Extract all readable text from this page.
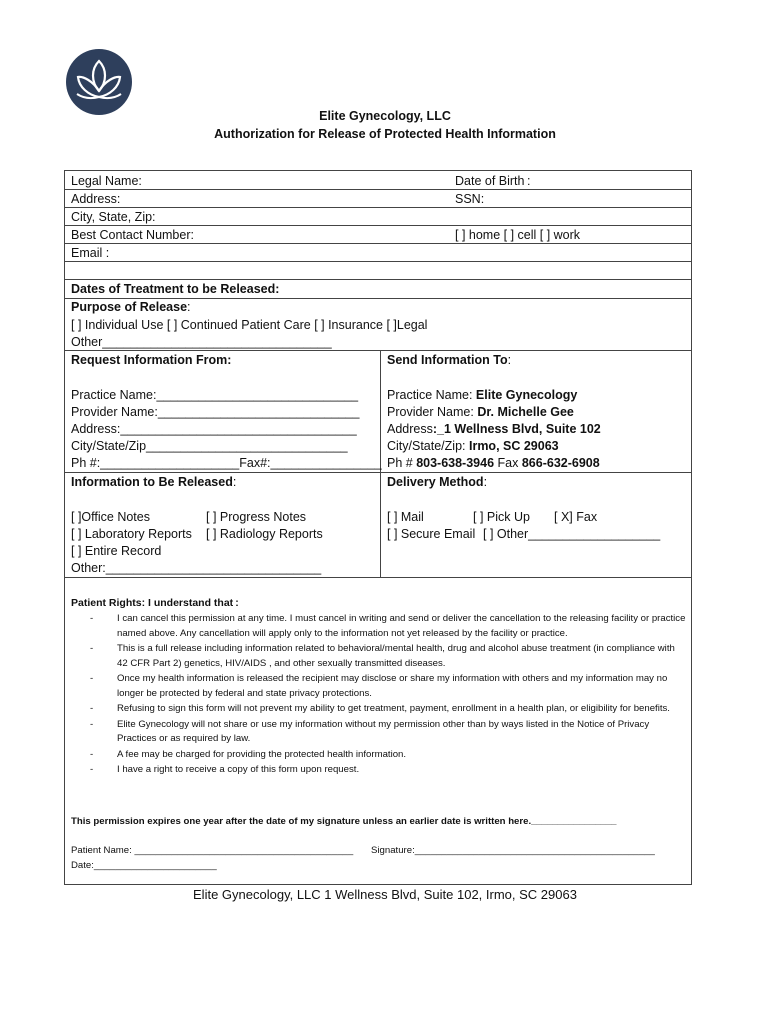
Elite Gynecology, LLC
Authorization for Release of Protected Health Information
Legal Name:	Date of Birth :
Address:	SSN:
City, State, Zip:
Best Contact Number:	[ ] home [ ] cell [ ] work
Email :
Dates of Treatment to be Released:
Purpose of Release:
[ ] Individual Use [ ] Continued Patient Care [ ] Insurance [ ]Legal
Other_________________________________
Request Information From:
Practice Name:_____________________________
Provider Name:_____________________________
Address:__________________________________
City/State/Zip_____________________________
Ph #:____________________Fax#:________________
Send Information To:
Practice Name: Elite Gynecology
Provider Name: Dr. Michelle Gee
Address:_1 Wellness Blvd, Suite 102
City/State/Zip: Irmo, SC 29063
Ph # 803-638-3946 Fax 866-632-6908
Information to Be Released:
[ ]Office Notes	[ ] Progress Notes
[ ] Laboratory Reports [ ] Radiology Reports
[ ] Entire Record
Other:_______________________________
Delivery Method:
[ ] Mail	[ ] Pick Up [ X] Fax
[ ] Secure Email [ ] Other___________________
Patient Rights: I understand that :
- I can cancel this permission at any time. I must cancel in writing and send or deliver the cancellation to the releasing facility or practice named above. Any cancellation will apply only to the information not yet released by the facility or practice.
- This is a full release including information related to behavioral/mental health, drug and alcohol abuse treatment (in compliance with 42 CFR Part 2) genetics, HIV/AIDS , and other sexually transmitted diseases.
- Once my health information is released the recipient may disclose or share my information with others and my information may no longer be protected by federal and state privacy protections.
- Refusing to sign this form will not prevent my ability to get treatment, payment, enrollment in a health plan, or eligibility for benefits.
- Elite Gynecology will not share or use my information without my permission other than by ways listed in the Notice of Privacy Practices or as required by law.
- A fee may be charged for providing the protected health information.
- I have a right to receive a copy of this form upon request.
This permission expires one year after the date of my signature unless an earlier date is written here.________________
Patient Name: _________________________________________ Signature:_____________________________________________
Date:_______________________
Elite Gynecology, LLC 1 Wellness Blvd, Suite 102, Irmo, SC 29063
